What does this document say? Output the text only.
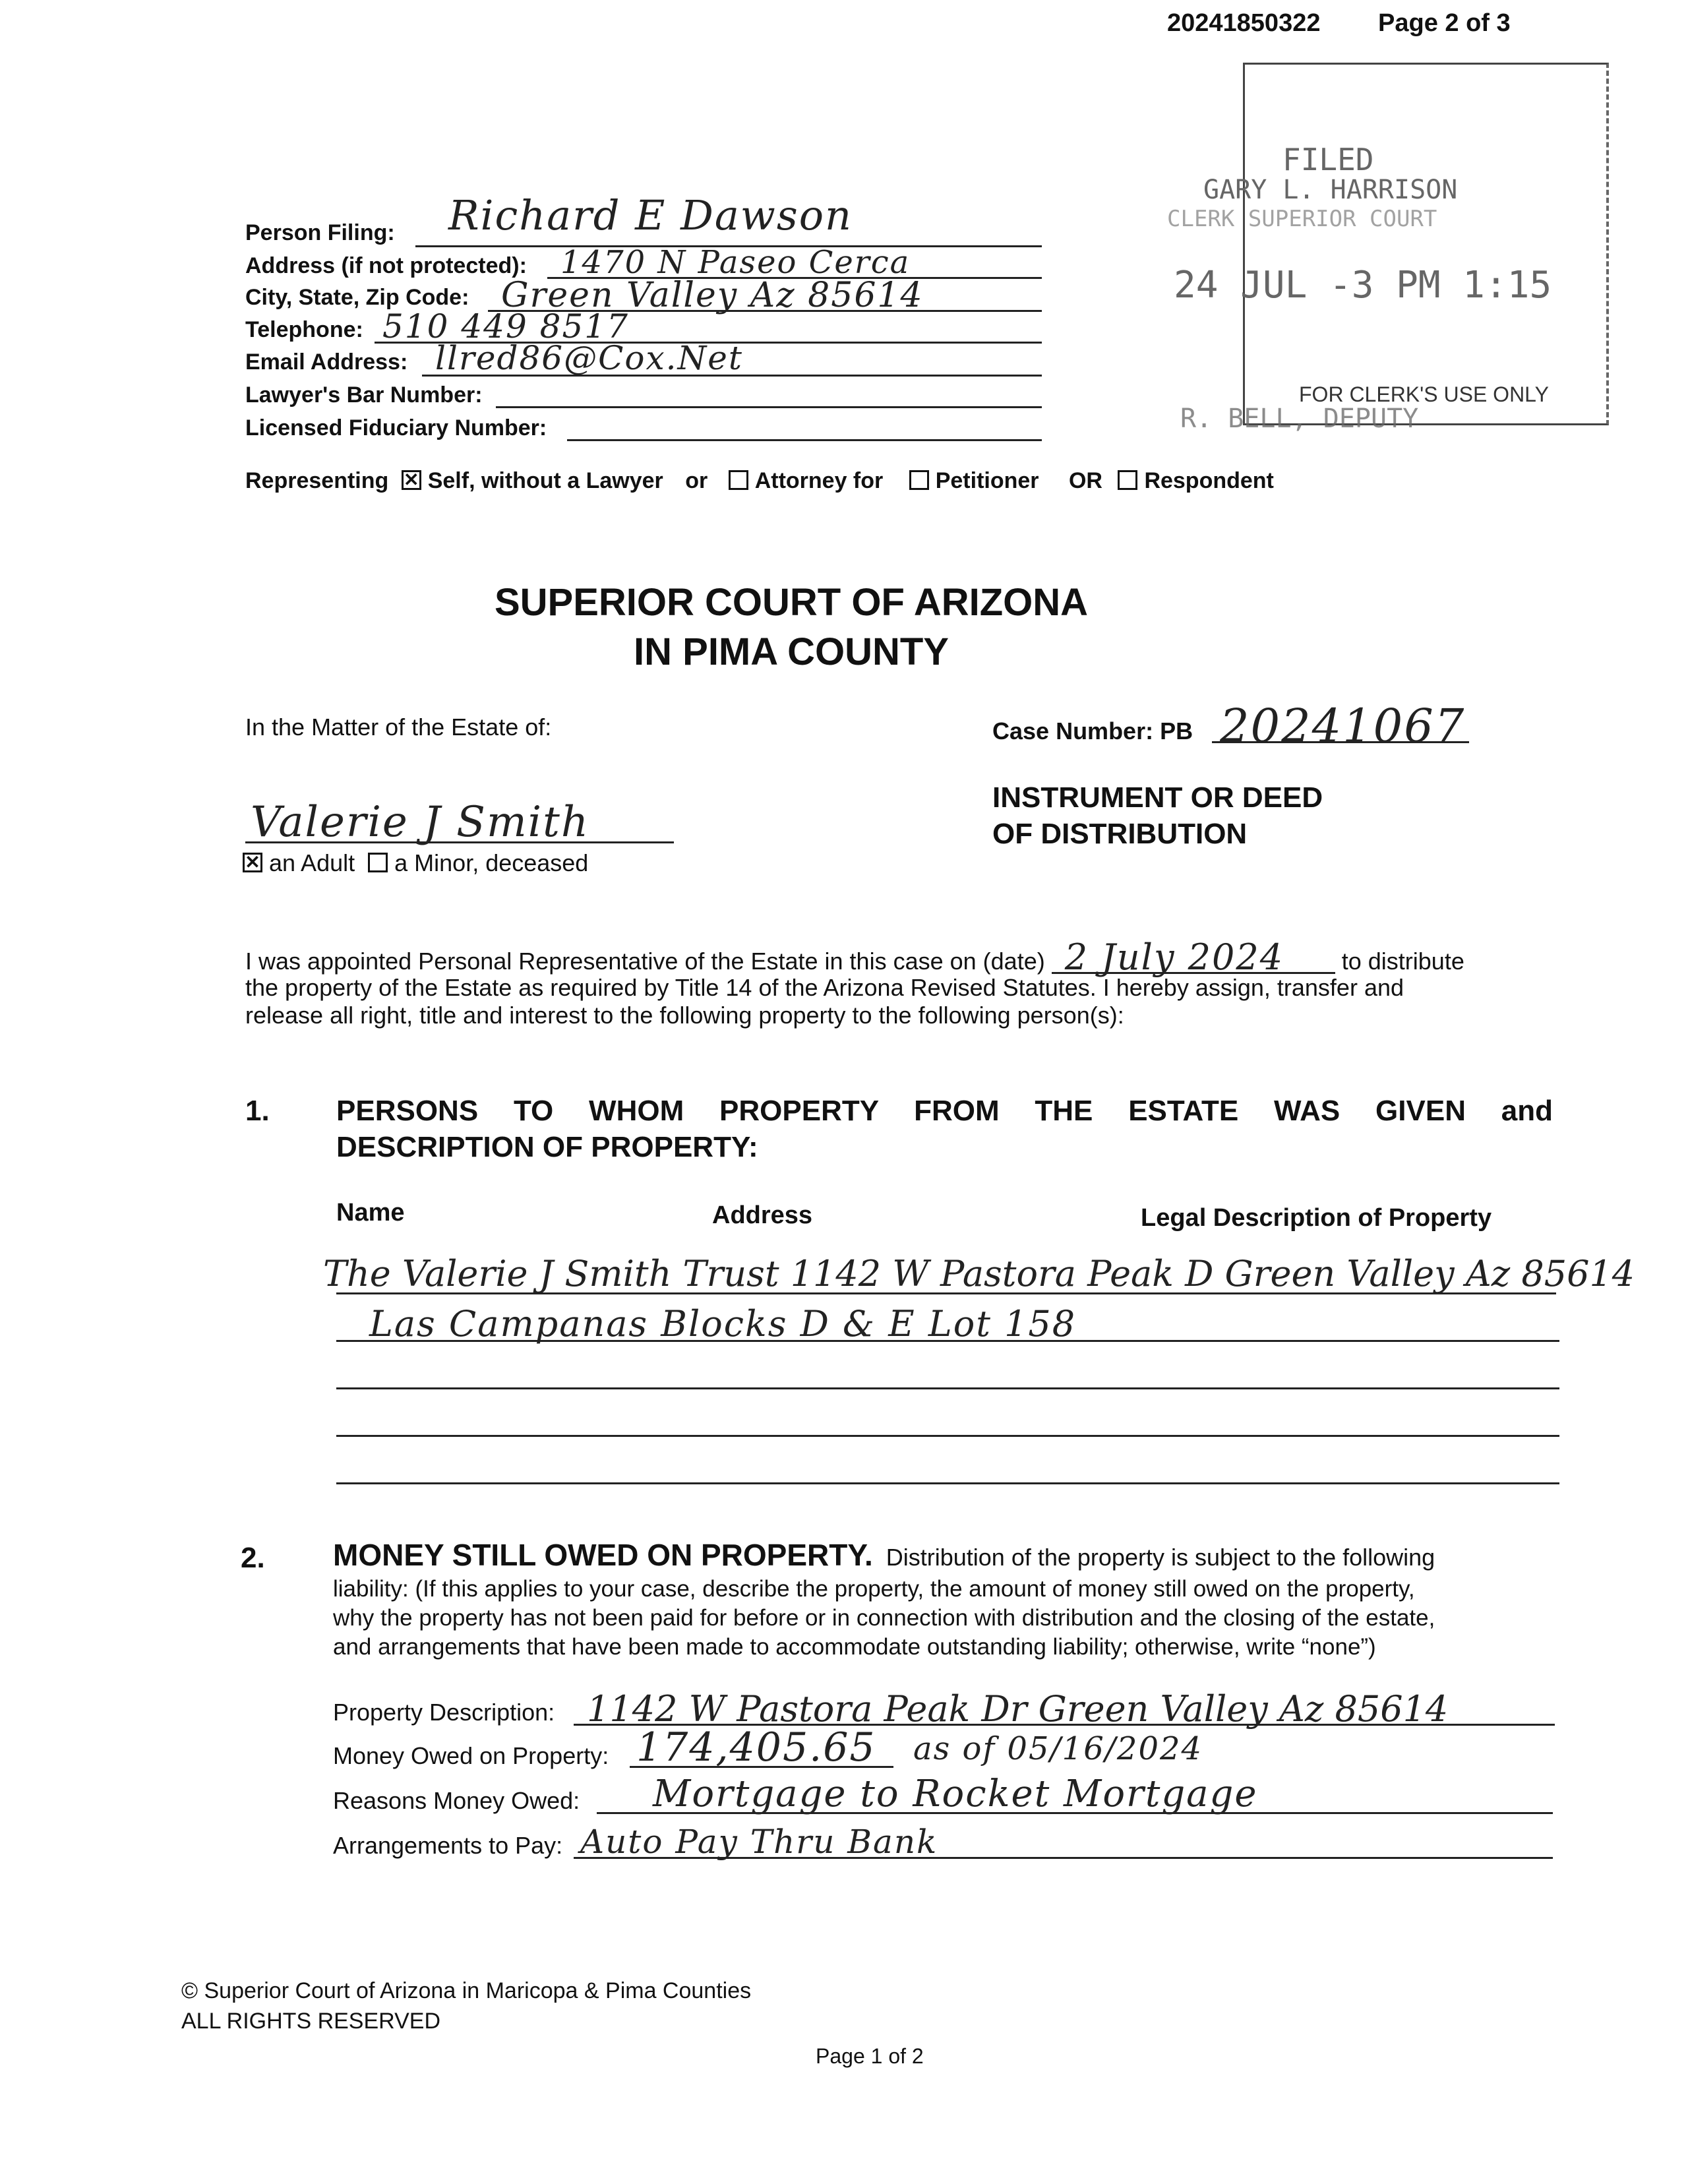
20241850322 Page 2 of 3
Person Filing: Richard E Dawson
Address (if not protected): 1470 N Paseo Cerca
City, State, Zip Code: Green Valley Az 85614
Telephone: 510 449 8517
Email Address: llred86@Cox.Net
Lawyer's Bar Number:
Licensed Fiduciary Number:
FILED
GARY L. HARRISON
CLERK SUPERIOR COURT
24 JUL -3 PM 1:15
FOR CLERK'S USE ONLY
R. BELL, DEPUTY
Representing ✕ Self, without a Lawyer or Attorney for Petitioner OR Respondent
SUPERIOR COURT OF ARIZONA
IN PIMA COUNTY
In the Matter of the Estate of:	Case Number: PB 20241067
Valerie J Smith
✕ an Adult a Minor, deceased
INSTRUMENT OR DEED
OF DISTRIBUTION
I was appointed Personal Representative of the Estate in this case on (date) 2 July 2024 to distribute
the property of the Estate as required by Title 14 of the Arizona Revised Statutes. I hereby assign, transfer and
release all right, title and interest to the following property to the following person(s):
1. PERSONS TO WHOM PROPERTY FROM THE ESTATE WAS GIVEN and
DESCRIPTION OF PROPERTY:
Name	Address	Legal Description of Property
The Valerie J Smith Trust 1142 W Pastora Peak D Green Valley Az 85614
Las Campanas Blocks D & E Lot 158
2. MONEY STILL OWED ON PROPERTY. Distribution of the property is subject to the following
liability: (If this applies to your case, describe the property, the amount of money still owed on the property,
why the property has not been paid for before or in connection with distribution and the closing of the estate,
and arrangements that have been made to accommodate outstanding liability; otherwise, write “none”)
Property Description: 1142 W Pastora Peak Dr Green Valley Az 85614
Money Owed on Property: 174,405.65 as of 05/16/2024
Reasons Money Owed: Mortgage to Rocket Mortgage
Arrangements to Pay: Auto Pay Thru Bank
© Superior Court of Arizona in Maricopa & Pima Counties
ALL RIGHTS RESERVED
Page 1 of 2
